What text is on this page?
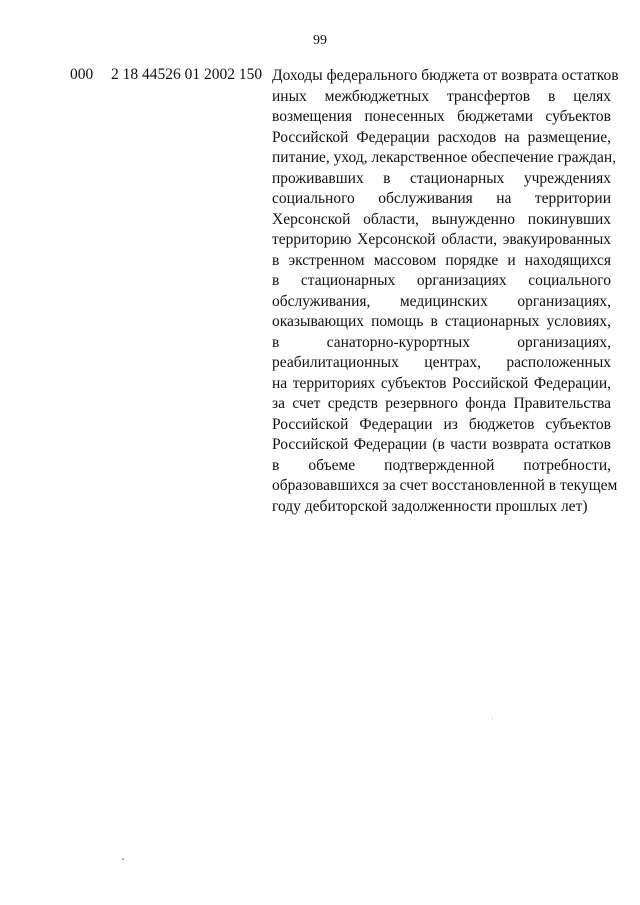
99
000 2 18 44526 01 2002 150 Доходы федерального бюджета от возврата остатков
иных межбюджетных трансфертов в целях
возмещения понесенных бюджетами субъектов
Российской Федерации расходов на размещение,
питание, уход, лекарственное обеспечение граждан,
проживавших в стационарных учреждениях
социального обслуживания на территории
Херсонской области, вынужденно покинувших
территорию Херсонской области, эвакуированных
в экстренном массовом порядке и находящихся
в стационарных организациях социального
обслуживания, медицинских организациях,
оказывающих помощь в стационарных условиях,
в санаторно-курортных организациях,
реабилитационных центрах, расположенных
на территориях субъектов Российской Федерации,
за счет средств резервного фонда Правительства
Российской Федерации из бюджетов субъектов
Российской Федерации (в части возврата остатков
в объеме подтвержденной потребности,
образовавшихся за счет восстановленной в текущем
году дебиторской задолженности прошлых лет)
